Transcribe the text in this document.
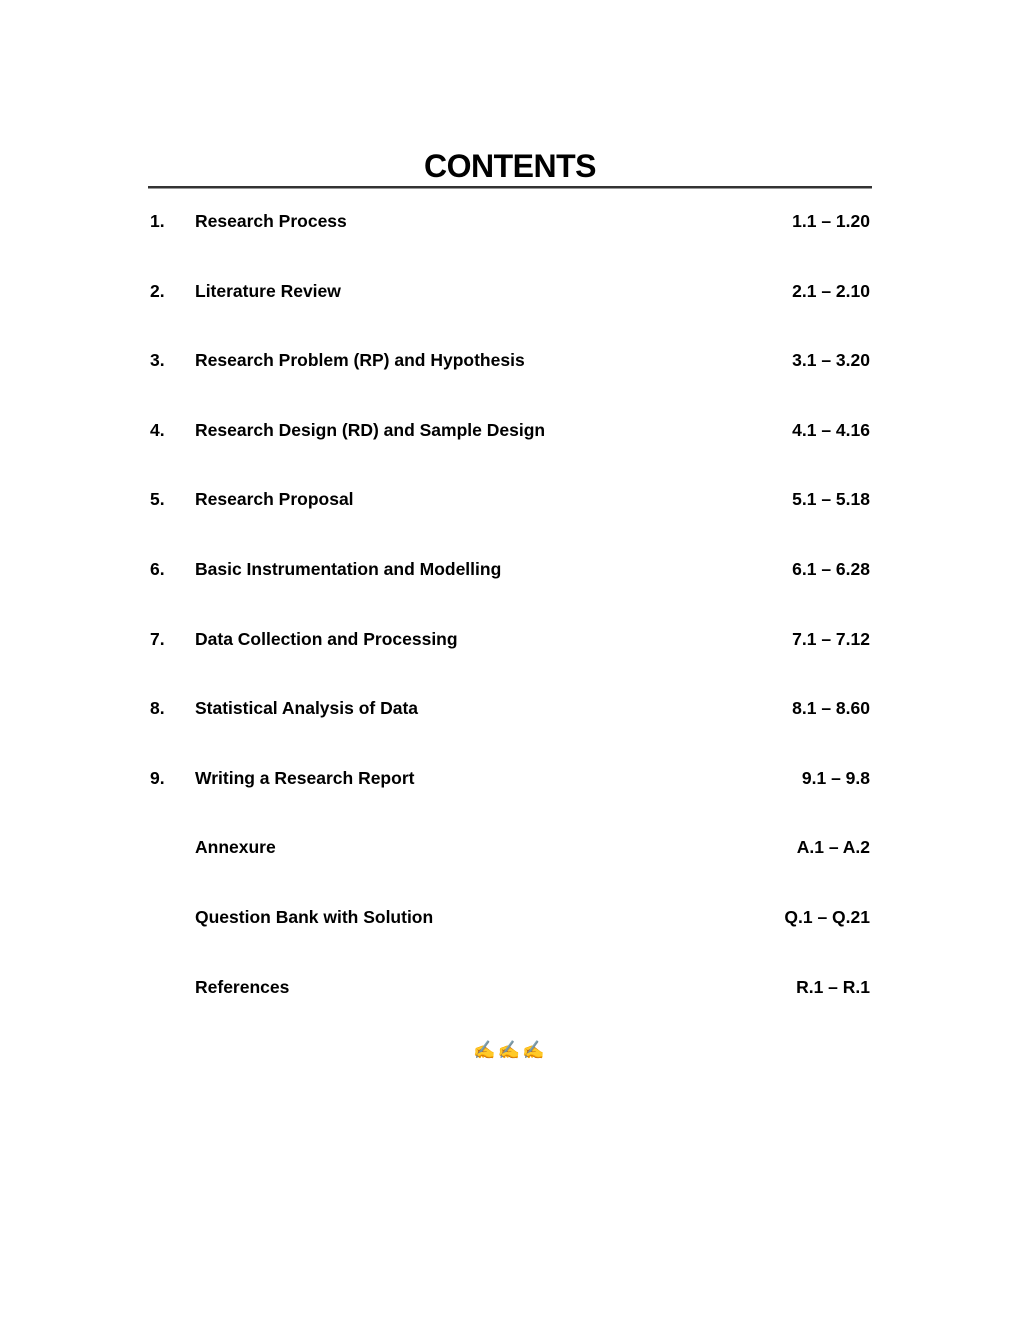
CONTENTS
1. Research Process	1.1 – 1.20
2. Literature Review	2.1 – 2.10
3. Research Problem (RP) and Hypothesis	3.1 – 3.20
4. Research Design (RD) and Sample Design	4.1 – 4.16
5. Research Proposal	5.1 – 5.18
6. Basic Instrumentation and Modelling	6.1 – 6.28
7. Data Collection and Processing	7.1 – 7.12
8. Statistical Analysis of Data	8.1 – 8.60
9. Writing a Research Report	9.1 – 9.8
Annexure	A.1 – A.2
Question Bank with Solution	Q.1 – Q.21
References	R.1 – R.1
✍✍✍
